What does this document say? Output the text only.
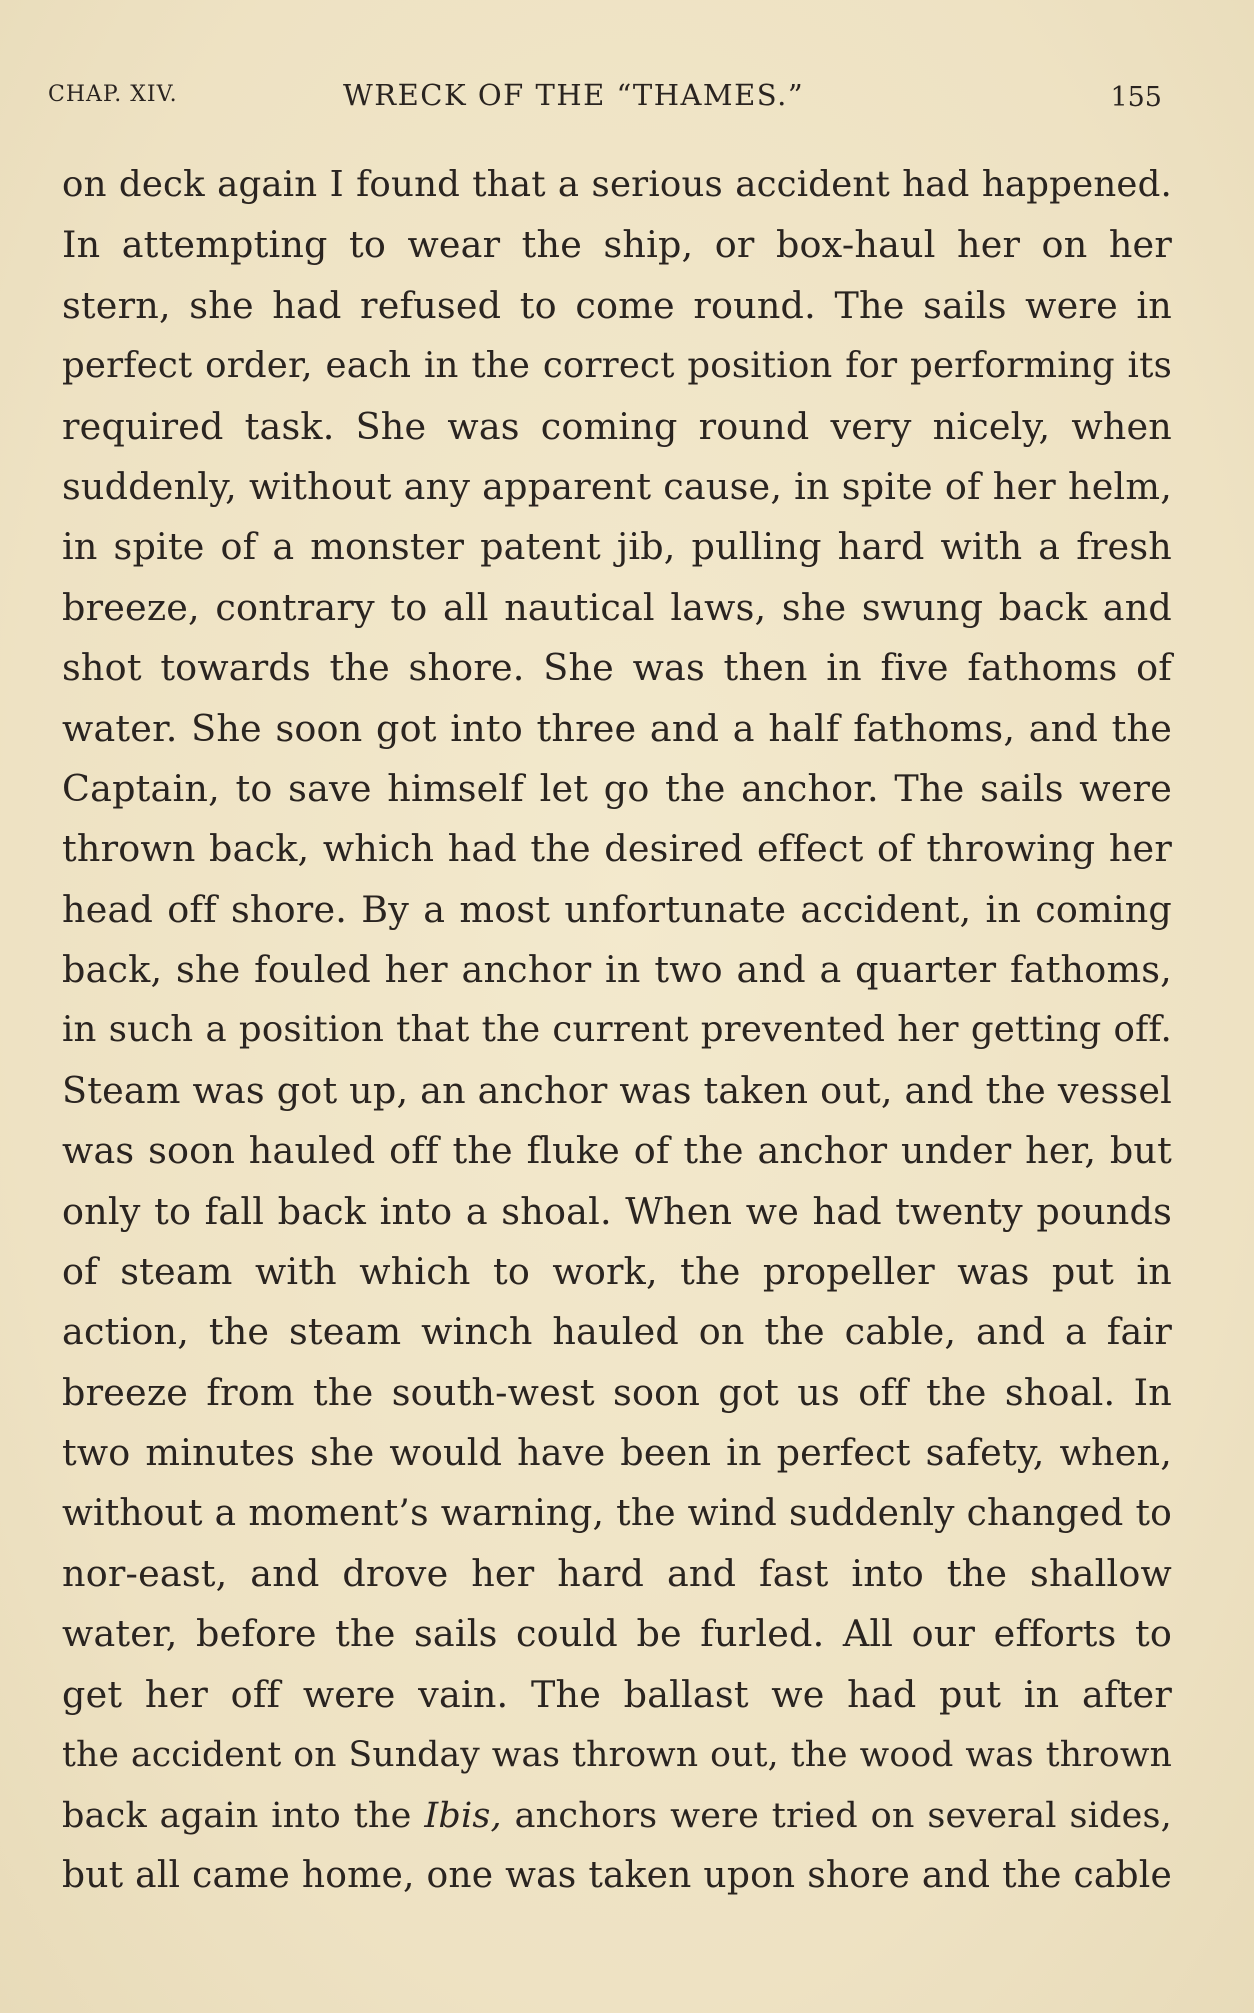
CHAP. XIV.	WRECK OF THE “THAMES.”	155
on deck again I found that a serious accident had happened.
In attempting to wear the ship, or box-haul her on her
stern, she had refused to come round. The sails were in
perfect order, each in the correct position for performing its
required task. She was coming round very nicely, when
suddenly, without any apparent cause, in spite of her helm,
in spite of a monster patent jib, pulling hard with a fresh
breeze, contrary to all nautical laws, she swung back and
shot towards the shore. She was then in five fathoms of
water. She soon got into three and a half fathoms, and the
Captain, to save himself let go the anchor. The sails were
thrown back, which had the desired effect of throwing her
head off shore. By a most unfortunate accident, in coming
back, she fouled her anchor in two and a quarter fathoms,
in such a position that the current prevented her getting off.
Steam was got up, an anchor was taken out, and the vessel
was soon hauled off the fluke of the anchor under her, but
only to fall back into a shoal. When we had twenty pounds
of steam with which to work, the propeller was put in
action, the steam winch hauled on the cable, and a fair
breeze from the south-west soon got us off the shoal. In
two minutes she would have been in perfect safety, when,
without a moment’s warning, the wind suddenly changed to
nor-east, and drove her hard and fast into the shallow
water, before the sails could be furled. All our efforts to
get her off were vain. The ballast we had put in after
the accident on Sunday was thrown out, the wood was thrown
back again into the Ibis, anchors were tried on several sides,
but all came home, one was taken upon shore and the cable
